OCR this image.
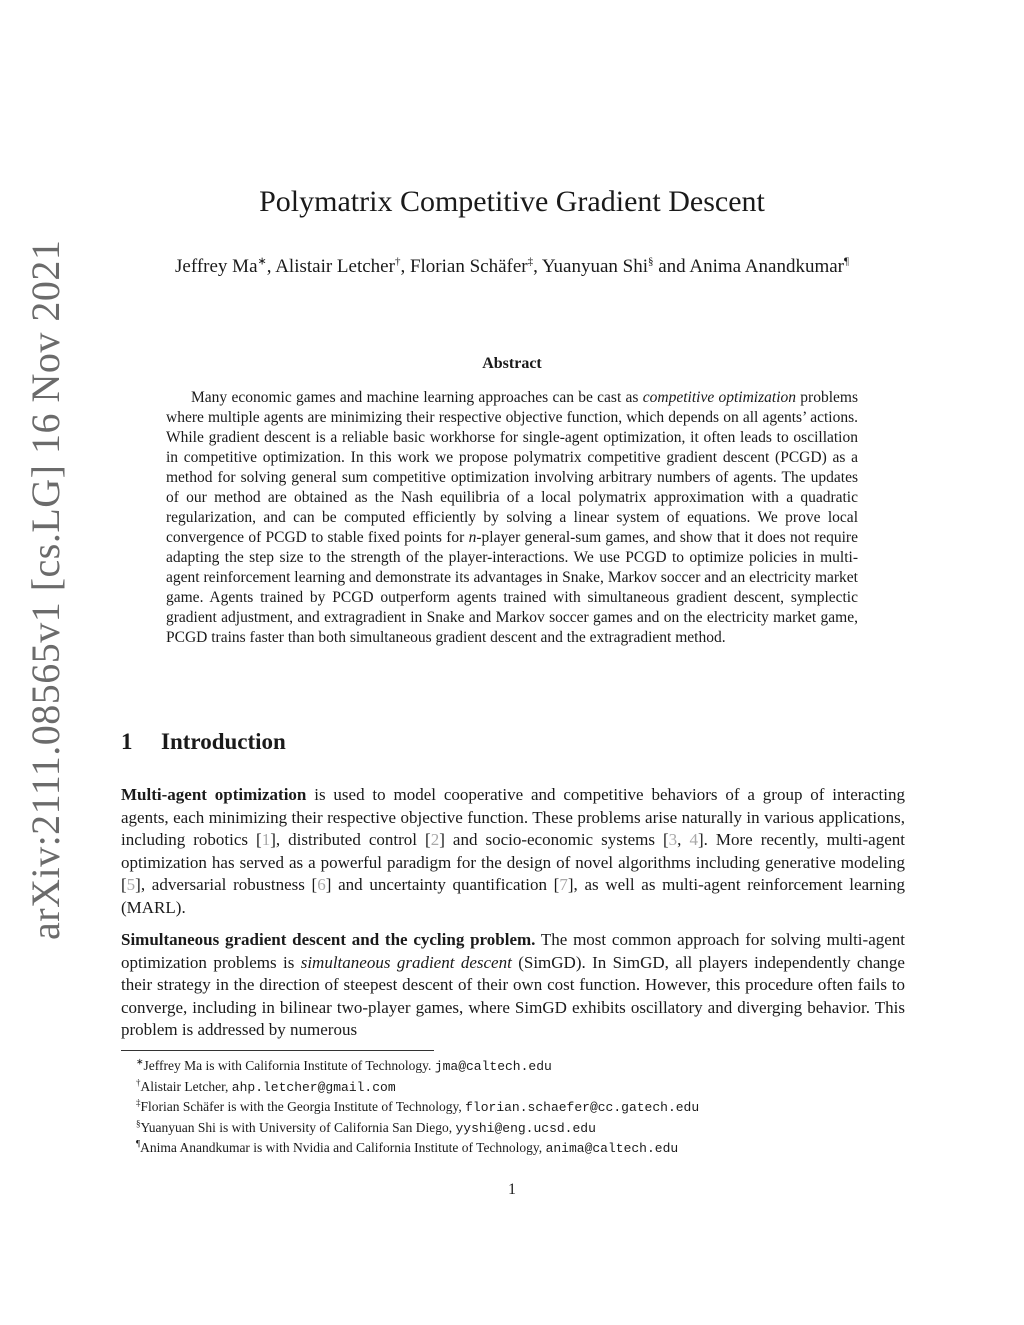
arXiv:2111.08565v1 [cs.LG] 16 Nov 2021
Polymatrix Competitive Gradient Descent
Jeffrey Ma∗, Alistair Letcher†, Florian Schäfer‡, Yuanyuan Shi§ and Anima Anandkumar¶
Abstract
Many economic games and machine learning approaches can be cast as competitive optimization problems where multiple agents are minimizing their respective objective function, which depends on all agents’ actions. While gradient descent is a reliable basic workhorse for single-agent optimization, it often leads to oscillation in competitive optimization. In this work we propose polymatrix competitive gradient descent (PCGD) as a method for solving general sum competitive optimization involving arbitrary numbers of agents. The updates of our method are obtained as the Nash equilibria of a local polymatrix approximation with a quadratic regularization, and can be computed efficiently by solving a linear system of equations. We prove local convergence of PCGD to stable fixed points for n-player general-sum games, and show that it does not require adapting the step size to the strength of the player-interactions. We use PCGD to optimize policies in multi-agent reinforcement learning and demonstrate its advantages in Snake, Markov soccer and an electricity market game. Agents trained by PCGD outperform agents trained with simultaneous gradient descent, symplectic gradient adjustment, and extragradient in Snake and Markov soccer games and on the electricity market game, PCGD trains faster than both simultaneous gradient descent and the extragradient method.
1 Introduction
Multi-agent optimization is used to model cooperative and competitive behaviors of a group of interacting agents, each minimizing their respective objective function. These problems arise naturally in various applications, including robotics [1], distributed control [2] and socio-economic systems [3, 4]. More recently, multi-agent optimization has served as a powerful paradigm for the design of novel algorithms including generative modeling [5], adversarial robustness [6] and uncertainty quantification [7], as well as multi-agent reinforcement learning (MARL).
Simultaneous gradient descent and the cycling problem. The most common approach for solving multi-agent optimization problems is simultaneous gradient descent (SimGD). In SimGD, all players independently change their strategy in the direction of steepest descent of their own cost function. However, this procedure often fails to converge, including in bilinear two-player games, where SimGD exhibits oscillatory and diverging behavior. This problem is addressed by numerous
∗Jeffrey Ma is with California Institute of Technology. jma@caltech.edu
†Alistair Letcher, ahp.letcher@gmail.com
‡Florian Schäfer is with the Georgia Institute of Technology, florian.schaefer@cc.gatech.edu
§Yuanyuan Shi is with University of California San Diego, yyshi@eng.ucsd.edu
¶Anima Anandkumar is with Nvidia and California Institute of Technology, anima@caltech.edu
1
